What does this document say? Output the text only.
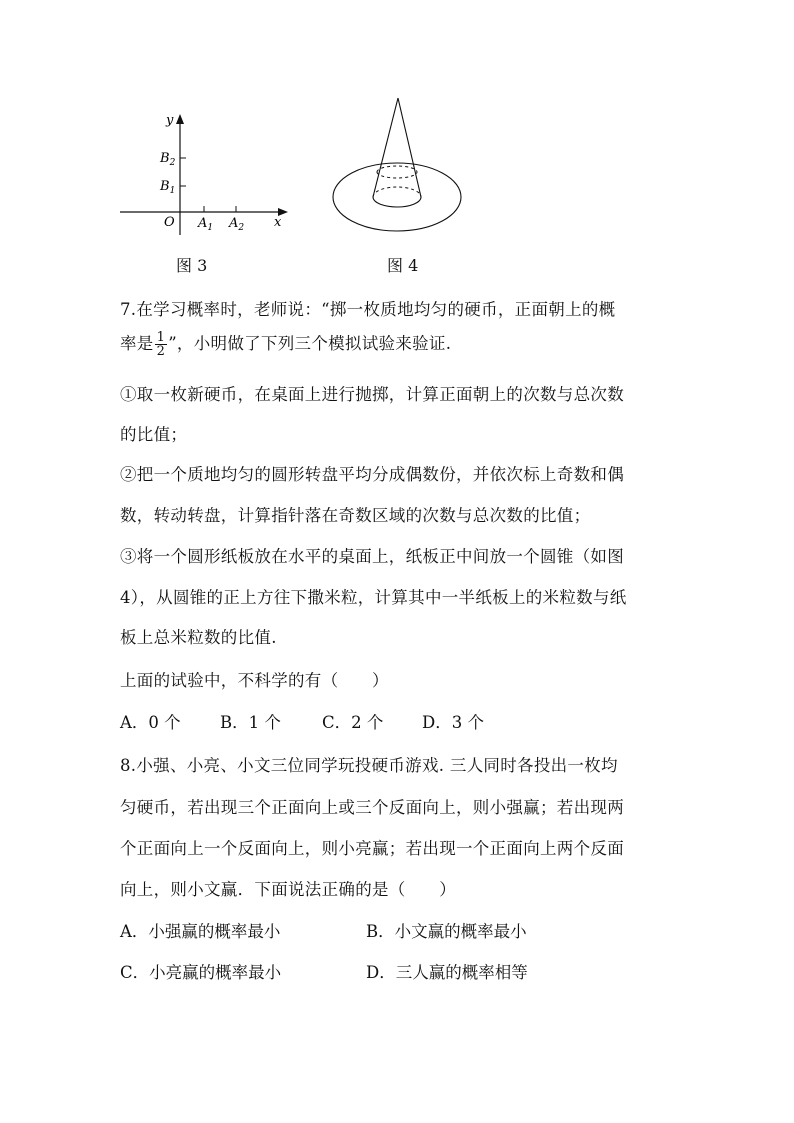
y
x
O
$B_2$
$B_1$
$A_1$ $A_2$
图 3	图 4
7.在学习概率时，老师说：“掷一枚质地均匀的硬币，正面朝上的概
率是 $\frac{1}{2}$ ”，小明做了下列三个模拟试验来验证.
①取一枚新硬币，在桌面上进行抛掷，计算正面朝上的次数与总次数
的比值；
②把一个质地均匀的圆形转盘平均分成偶数份，并依次标上奇数和偶
数，转动转盘，计算指针落在奇数区域的次数与总次数的比值；
③将一个圆形纸板放在水平的桌面上，纸板正中间放一个圆锥（如图
4），从圆锥的正上方往下撒米粒，计算其中一半纸板上的米粒数与纸
板上总米粒数的比值.
上面的试验中，不科学的有（　　）
A．0 个 B．1 个 C．2 个 D．3 个
8.小强、小亮、小文三位同学玩投硬币游戏. 三人同时各投出一枚均
匀硬币，若出现三个正面向上或三个反面向上，则小强赢；若出现两
个正面向上一个反面向上，则小亮赢；若出现一个正面向上两个反面
向上，则小文赢．下面说法正确的是（　　）
A．小强赢的概率最小	B．小文赢的概率最小
C．小亮赢的概率最小	D．三人赢的概率相等
